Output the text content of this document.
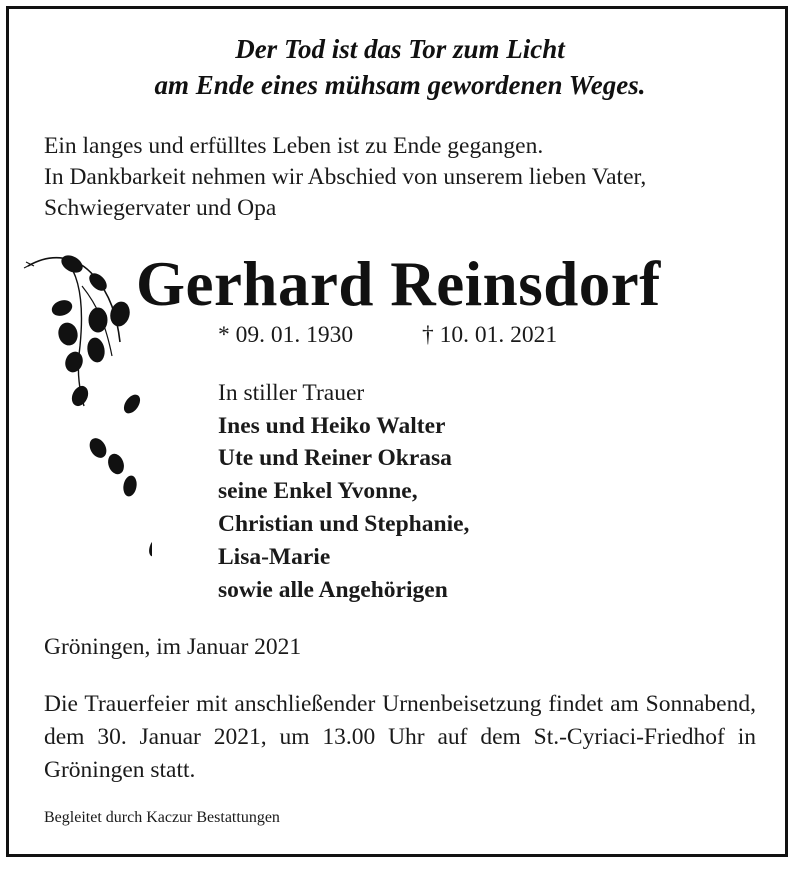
Der Tod ist das Tor zum Licht
am Ende eines mühsam gewordenen Weges.
Ein langes und erfülltes Leben ist zu Ende gegangen.
In Dankbarkeit nehmen wir Abschied von unserem lieben Vater,
Schwiegervater und Opa
Gerhard Reinsdorf
* 09. 01. 1930	† 10. 01. 2021
In stiller Trauer
Ines und Heiko Walter
Ute und Reiner Okrasa
seine Enkel Yvonne,
Christian und Stephanie,
Lisa-Marie
sowie alle Angehörigen
Gröningen, im Januar 2021
Die Trauerfeier mit anschließender Urnenbeisetzung findet am Sonnabend, dem 30. Januar 2021, um 13.00 Uhr auf dem St.-Cyriaci-Friedhof in Gröningen statt.
Begleitet durch Kaczur Bestattungen
